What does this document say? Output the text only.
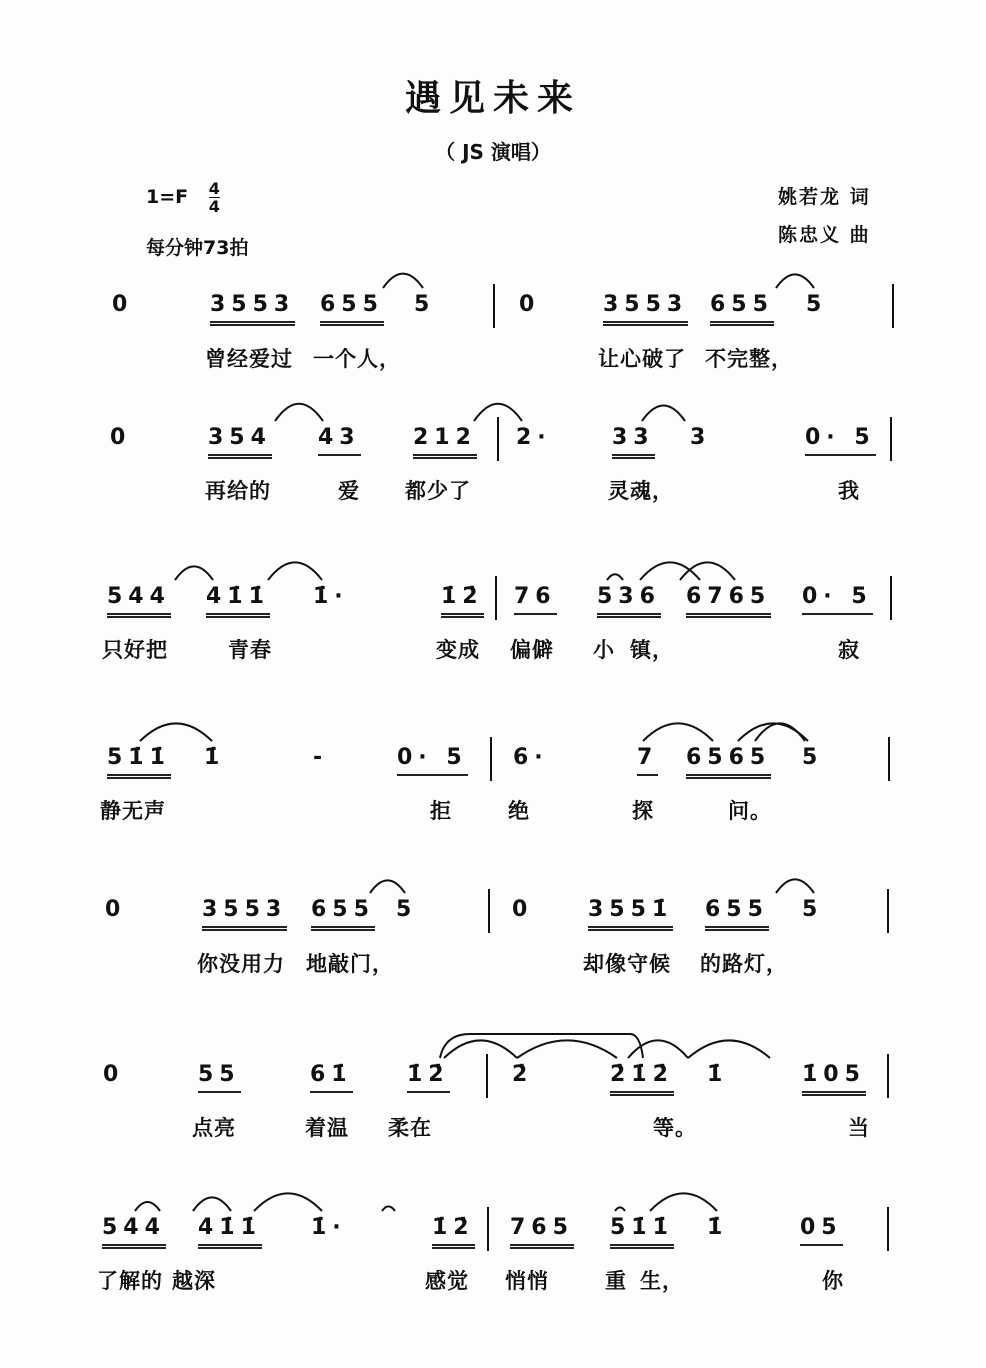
遇见未来
（ JS 演唱）
$1=F \frac{4}{4}$
每分钟73拍
姚若龙 词
陈忠义 曲
0	3553 655 5	0	3553 655 5
曾经爱过 一个人，	让心破了 不完整，
0	354 43 212 2·	33 3	0· 5
再给的	爱 都少了	灵魂，	我
544 41̇1̇ 1̇·	1̇2̇ 76 536 6765 0· 5
只好把	青春	变成 偏僻 小 镇，	寂
51̇1̇ 1̇	-	0· 5 6·	7 6565 5
静无声	拒	绝	探	问。
0	3553 655 5	0 3551̇ 655 5
你没用力 地敲门，	却像守候 的路灯，
0	55	61̇ 1̇2̇	2̇	2̇1̇2̇ 1̇	1̇05
点亮	着温 柔在	等。	当
544 41̇1̇ 1̇·	1̇2̇ 765 51̇1̇ 1̇	05
了解的 越深	感觉 悄悄	重 生，	你
